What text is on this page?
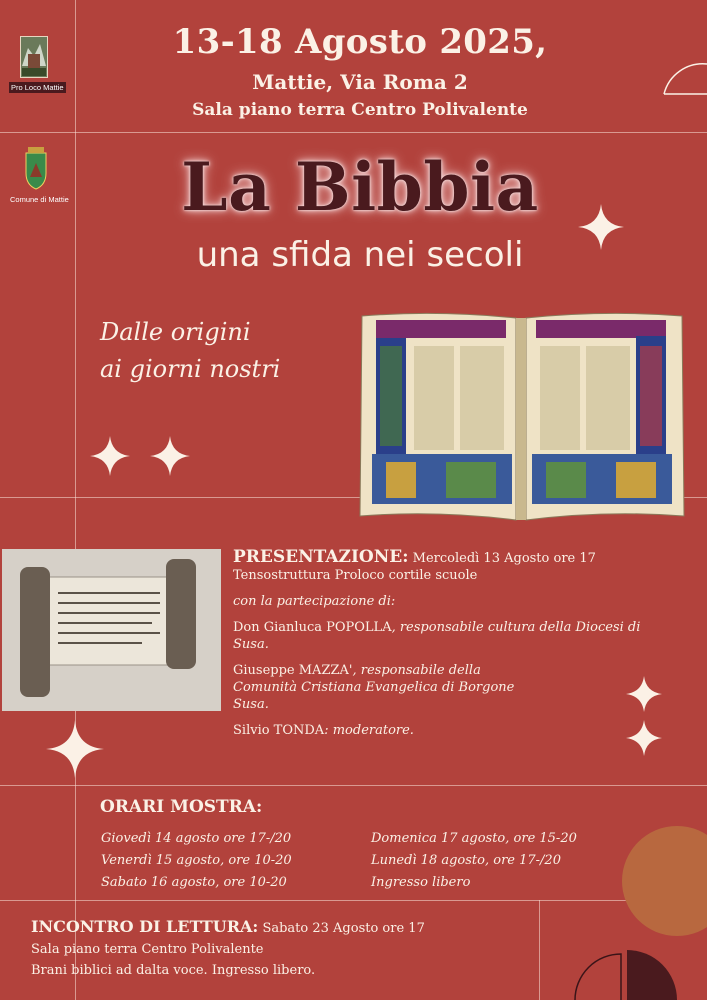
Pro Loco Mattie
Comune di Mattie
13-18 Agosto 2025,
Mattie, Via Roma 2
Sala piano terra Centro Polivalente
La Bibbia
una sfida nei secoli
Dalle origini
ai giorni nostri

PRESENTAZIONE: Mercoledì 13 Agosto ore 17
Tensostruttura Proloco cortile scuole

con la partecipazione di:

Don Gianluca POPOLLA, responsabile cultura della Diocesi di Susa.

Giuseppe MAZZA', responsabile della Comunità Cristiana Evangelica di Borgone Susa.

Silvio TONDA: moderatore.

ORARI MOSTRA:
Giovedì 14 agosto ore 17-/20
Venerdì 15 agosto, ore 10-20
Sabato 16 agosto, ore 10-20
Domenica 17 agosto, ore 15-20
Lunedì 18 agosto, ore 17-/20
Ingresso libero
INCONTRO DI LETTURA: Sabato 23 Agosto ore 17
Sala piano terra Centro Polivalente
Brani biblici ad dalta voce. Ingresso libero.
